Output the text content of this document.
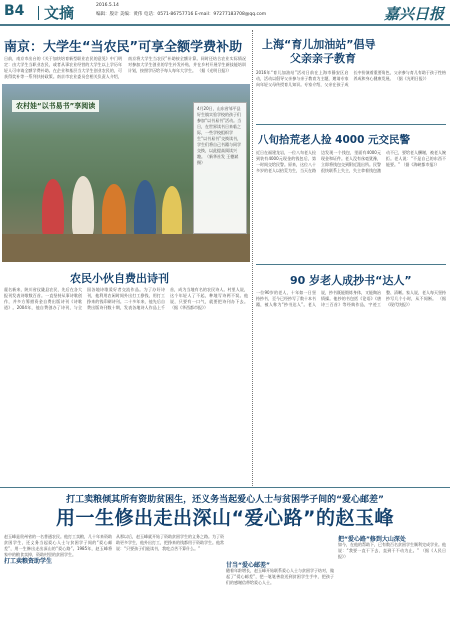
B4 文摘	2016.5.14
编辑：殷计 美编：黄伟 电话：0571-86757716 E-mail：97277183708@qq.com	嘉兴日报
南京：大学生“当农民”可享全额学费补助
日前，南京市出台的《关于加快培育新型职业农民的意见》中门明定：由大学生当职业农民，或者从事农业经营的大学生以上学历年轻人可申请全额学费补助。在企业和基层当大学生创业农民的，可获得奖补等一系列扶持政策。南京市农业委员会相关负责人介绍，南京将大学生当农民”补助按全额计算。同时还结合农业实际情况对参加大学生创业的学生补发补贴，并在乡村开展学生新技能培训计划，按照学历给予每人每年大学生。 （据《光明日报》）
农村娃“以书易书”享阅读	4月20日，山东省邹平县好生镇实验学校的孩子们参加“以书易书”活动。当日，在世界读书日来临之际，一些学校组织学生“以书易书”交换读书，学生们将自己书籍与同学交换，以此提高阅读兴趣。（新华社发 王德斌 摄）
农民小伙自费出诗刊
霍名新来，陕川省仪陇县农民，先后在各大报刊发表诗歌数百首。一直坚持从事诗歌创作，并多方筹措资金自费出版诗刊《诗歌道》。2004年，他自费创办了诗刊，与全国各地诗歌爱好者交流作品。为了办好诗刊，他利用农闲时间外出打工挣钱，用打工挣来的钱印刷诗刊。二十多年来，他先后自费出版诗刊数十期，发表各地诗人作品上千首，成为当地有名的农民诗人。村里人说，这个年轻人了不起，种地写诗两不误。他说，只要有一口气，就要把诗刊办下去。 （据《华西都市报》）
上海“育儿加油站”倡导
父亲亲子教育
2016年“育儿加油站”活动日前在上海市静安区启动，活动以倡导父亲参与亲子教育为主题，邀请专家向年轻父母传授育儿知识。专家介绍，父亲在孩子成长中扮演着重要角色，父亲参与育儿有助于孩子性格养成和身心健康发展。 （据《光明日报》）
八旬拾荒老人捡 4000 元交民警
近日在福建龙岩，一位八旬老人捡到装有4000元现金的钱包后，第一时间交给民警。原来，这位八十多岁的老人以拾荒为生，当天在路边发现一个钱包，里面有4000元现金和证件。老人没有丝毫犹豫，立即将钱包交到附近派出所。民警很快联系上失主，失主拿着钱包激动不已，要给老人酬谢，被老人婉拒。老人说：“不是自己的东西不能要。” （据《海峡都市报》）
90 岁老人成抄书“达人”
一位90岁的老人，十年如一日坚持抄书，至今已经抄写了数十本书籍，被人称为“抄书达人”。老人说，抄书既能锻炼身体，又能陶冶情操。他抄的书包括《论语》《唐诗三百首》等经典作品，字迹工整、清晰。家人说，老人每天坚持抄写几个小时，从不间断。 （据《现代快报》）
打工卖粮倾其所有资助贫困生，还义务当起爱心人士与贫困学子间的“爱心邮差”
用一生修出走出深山“爱心路”的赵玉峰
赵玉峰是贵州省的一名普通农民。他打工卖粮，几十年来资助贫困学生，还义务当起爱心人士与贫困学子间的“爱心邮差”，用一生修出走出深山的“爱心路”。1985年，赵玉峰将家中的粮食卖掉，资助村里的贫困学生。
打工卖粮资助学生
从那以后，赵玉峰就开始了资助贫困学生的义务之路。为了资助更多学生，他外出打工，把挣来的钱都用于资助学生。他常说：“只要孩子们能读书，我吃点苦不算什么。”
甘当“爱心邮差”
随着年龄增长，赵玉峰开始联系爱心人士与贫困学子结对，做起了“爱心邮差”，把一笔笔善款送到贫困学生手中，把孩子们的感谢信带给爱心人士。
把“爱心路”修到大山深处
如今，在他的帮助下，已有数百名贫困学生顺利完成学业。他说：“我要一直干下去，直到干不动为止。” （据《人民日报》）
